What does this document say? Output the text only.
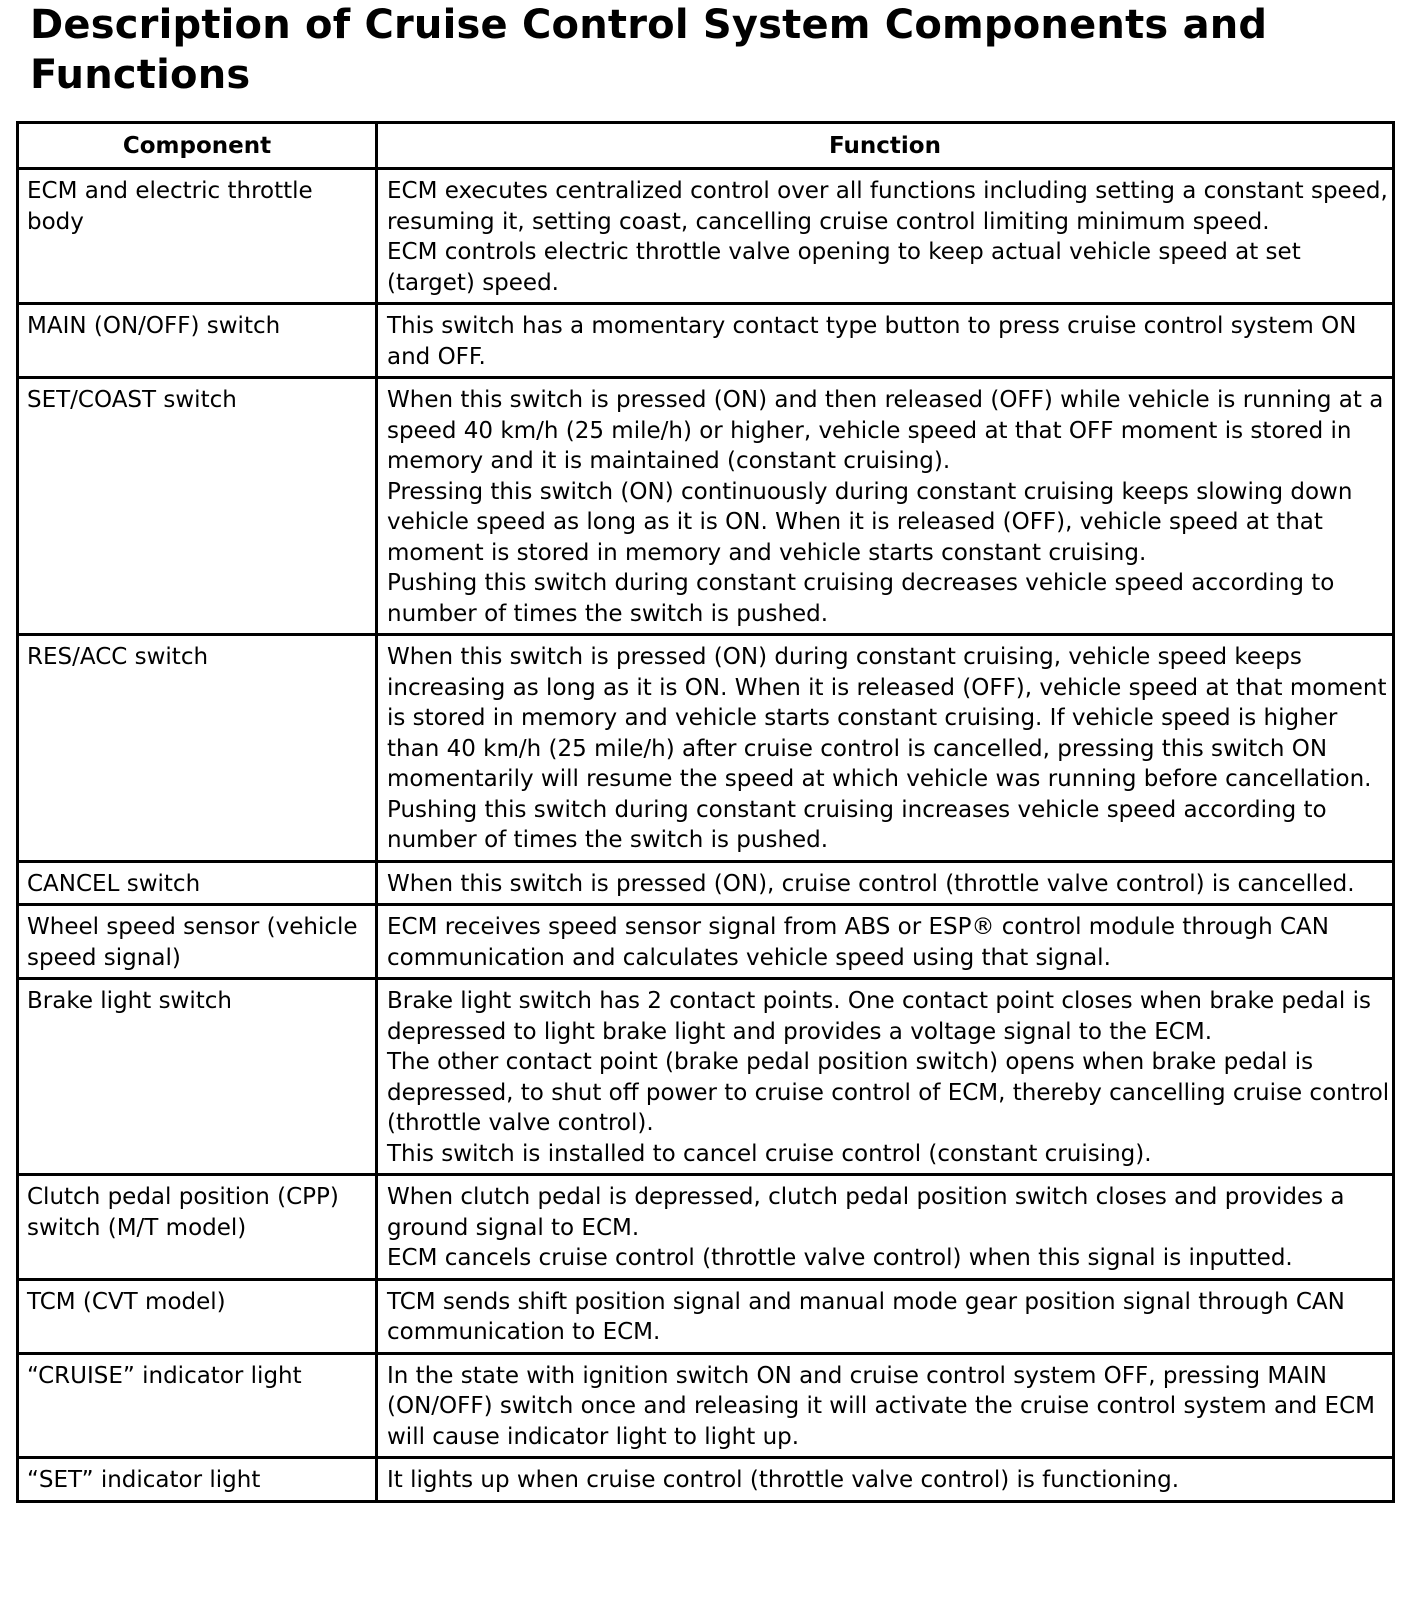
Description of Cruise Control System Components and Functions
Component	Function
ECM and electric throttle body	ECM executes centralized control over all functions including setting a constant speed, resuming it, setting coast, cancelling cruise control limiting minimum speed.
ECM controls electric throttle valve opening to keep actual vehicle speed at set (target) speed.

MAIN (ON/OFF) switch	This switch has a momentary contact type button to press cruise control system ON and OFF.

SET/COAST switch	When this switch is pressed (ON) and then released (OFF) while vehicle is running at a speed 40 km/h (25 mile/h) or higher, vehicle speed at that OFF moment is stored in memory and it is maintained (constant cruising).
Pressing this switch (ON) continuously during constant cruising keeps slowing down vehicle speed as long as it is ON. When it is released (OFF), vehicle speed at that moment is stored in memory and vehicle starts constant cruising.
Pushing this switch during constant cruising decreases vehicle speed according to number of times the switch is pushed.

RES/ACC switch	When this switch is pressed (ON) during constant cruising, vehicle speed keeps increasing as long as it is ON. When it is released (OFF), vehicle speed at that moment is stored in memory and vehicle starts constant cruising. If vehicle speed is higher than 40 km/h (25 mile/h) after cruise control is cancelled, pressing this switch ON momentarily will resume the speed at which vehicle was running before cancellation.
Pushing this switch during constant cruising increases vehicle speed according to number of times the switch is pushed.

CANCEL switch	When this switch is pressed (ON), cruise control (throttle valve control) is cancelled.

Wheel speed sensor (vehicle speed signal)	ECM receives speed sensor signal from ABS or ESP® control module through CAN communication and calculates vehicle speed using that signal.

Brake light switch	Brake light switch has 2 contact points. One contact point closes when brake pedal is depressed to light brake light and provides a voltage signal to the ECM.
The other contact point (brake pedal position switch) opens when brake pedal is depressed, to shut off power to cruise control of ECM, thereby cancelling cruise control (throttle valve control).
This switch is installed to cancel cruise control (constant cruising).

Clutch pedal position (CPP) switch (M/T model)	When clutch pedal is depressed, clutch pedal position switch closes and provides a ground signal to ECM.
ECM cancels cruise control (throttle valve control) when this signal is inputted.

TCM (CVT model)	TCM sends shift position signal and manual mode gear position signal through CAN communication to ECM.

“CRUISE” indicator light	In the state with ignition switch ON and cruise control system OFF, pressing MAIN (ON/OFF) switch once and releasing it will activate the cruise control system and ECM will cause indicator light to light up.

“SET” indicator light	It lights up when cruise control (throttle valve control) is functioning.
